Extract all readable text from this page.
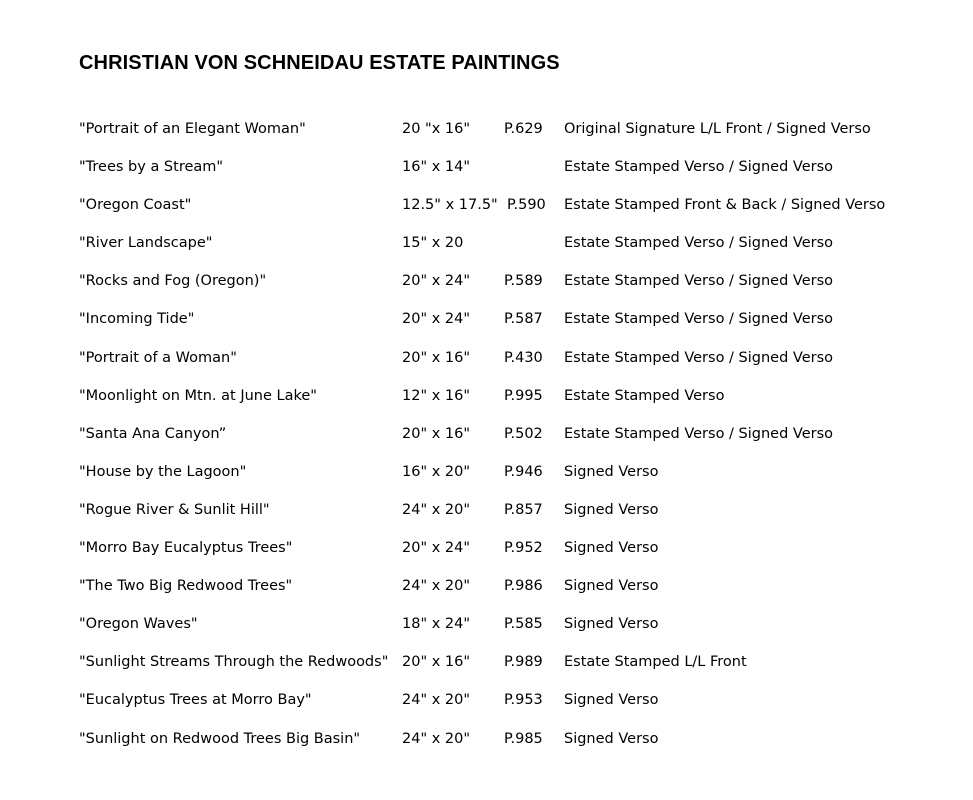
CHRISTIAN VON SCHNEIDAU ESTATE PAINTINGS
"Portrait of an Elegant Woman"	20 "x 16" P.629 Original Signature L/L Front / Signed Verso
"Trees by a Stream"	16" x 14"	Estate Stamped Verso / Signed Verso
"Oregon Coast"	12.5" x 17.5" P.590 Estate Stamped Front & Back / Signed Verso
"River Landscape"	15" x 20	Estate Stamped Verso / Signed Verso
"Rocks and Fog (Oregon)"	20" x 24" P.589 Estate Stamped Verso / Signed Verso
"Incoming Tide"	20" x 24" P.587 Estate Stamped Verso / Signed Verso
"Portrait of a Woman"	20" x 16" P.430 Estate Stamped Verso / Signed Verso
"Moonlight on Mtn. at June Lake"	12" x 16" P.995 Estate Stamped Verso
"Santa Ana Canyon”	20" x 16" P.502 Estate Stamped Verso / Signed Verso
"House by the Lagoon"	16" x 20" P.946 Signed Verso
"Rogue River & Sunlit Hill"	24" x 20" P.857 Signed Verso
"Morro Bay Eucalyptus Trees"	20" x 24" P.952 Signed Verso
"The Two Big Redwood Trees"	24" x 20" P.986 Signed Verso
"Oregon Waves"	18" x 24" P.585 Signed Verso
"Sunlight Streams Through the Redwoods" 20" x 16" P.989 Estate Stamped L/L Front
"Eucalyptus Trees at Morro Bay"	24" x 20" P.953 Signed Verso
"Sunlight on Redwood Trees Big Basin"	24" x 20" P.985 Signed Verso
